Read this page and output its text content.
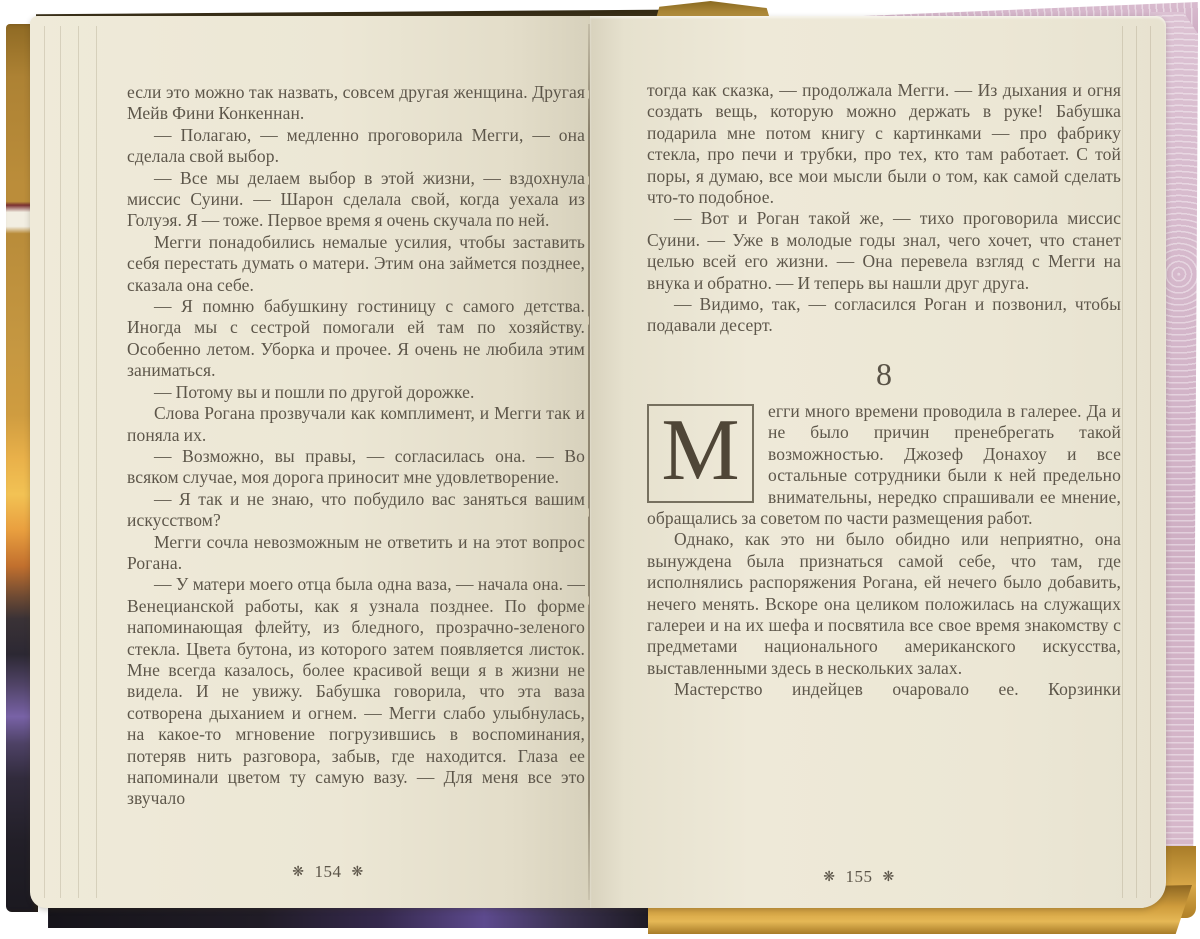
если это можно так назвать, совсем другая женщина. Другая Мейв Фини Конкеннан.
— Полагаю, — медленно проговорила Мегги, — она сделала свой выбор.
— Все мы делаем выбор в этой жизни, — вздохнула миссис Суини. — Шарон сделала свой, когда уехала из Голуэя. Я — тоже. Первое время я очень скучала по ней.
Мегги понадобились немалые усилия, чтобы заставить себя перестать думать о матери. Этим она займется позднее, сказала она себе.
— Я помню бабушкину гостиницу с самого детства. Иногда мы с сестрой помогали ей там по хозяйству. Особенно летом. Уборка и прочее. Я очень не любила этим заниматься.
— Потому вы и пошли по другой дорожке.
Слова Рогана прозвучали как комплимент, и Мегги так и поняла их.
— Возможно, вы правы, — согласилась она. — Во всяком случае, моя дорога приносит мне удовлетворение.
— Я так и не знаю, что побудило вас заняться вашим искусством?
Мегги сочла невозможным не ответить и на этот вопрос Рогана.
— У матери моего отца была одна ваза, — начала она. — Венецианской работы, как я узнала позднее. По форме напоминающая флейту, из бледного, прозрачно-зеленого стекла. Цвета бутона, из которого затем появляется листок. Мне всегда казалось, более красивой вещи я в жизни не видела. И не увижу. Бабушка говорила, что эта ваза сотворена дыханием и огнем. — Мегги слабо улыбнулась, на какое-то мгновение погрузившись в воспоминания, потеряв нить разговора, забыв, где находится. Глаза ее напоминали цветом ту самую вазу. — Для меня все это звучало
❋ 154 ❋
тогда как сказка, — продолжала Мегги. — Из дыхания и огня создать вещь, которую можно держать в руке! Бабушка подарила мне потом книгу с картинками — про фабрику стекла, про печи и трубки, про тех, кто там работает. С той поры, я думаю, все мои мысли были о том, как самой сделать что-то подобное.
— Вот и Роган такой же, — тихо проговорила миссис Суини. — Уже в молодые годы знал, чего хочет, что станет целью всей его жизни. — Она перевела взгляд с Мегги на внука и обратно. — И теперь вы нашли друг друга.
— Видимо, так, — согласился Роган и позвонил, чтобы подавали десерт.
8
М	егги много времени проводила в галерее. Да и не было причин пренебрегать такой возможностью. Джозеф Донахоу и все остальные сотрудники были к ней предельно внимательны, нередко спрашивали ее мнение, обращались за советом по части размещения работ.
Однако, как это ни было обидно или неприятно, она вынуждена была признаться самой себе, что там, где исполнялись распоряжения Рогана, ей нечего было добавить, нечего менять. Вскоре она целиком положилась на служащих галереи и на их шефа и посвятила все свое время знакомству с предметами национального американского искусства, выставленными здесь в нескольких залах.
Мастерство индейцев очаровало ее. Корзинки
❋ 155 ❋
